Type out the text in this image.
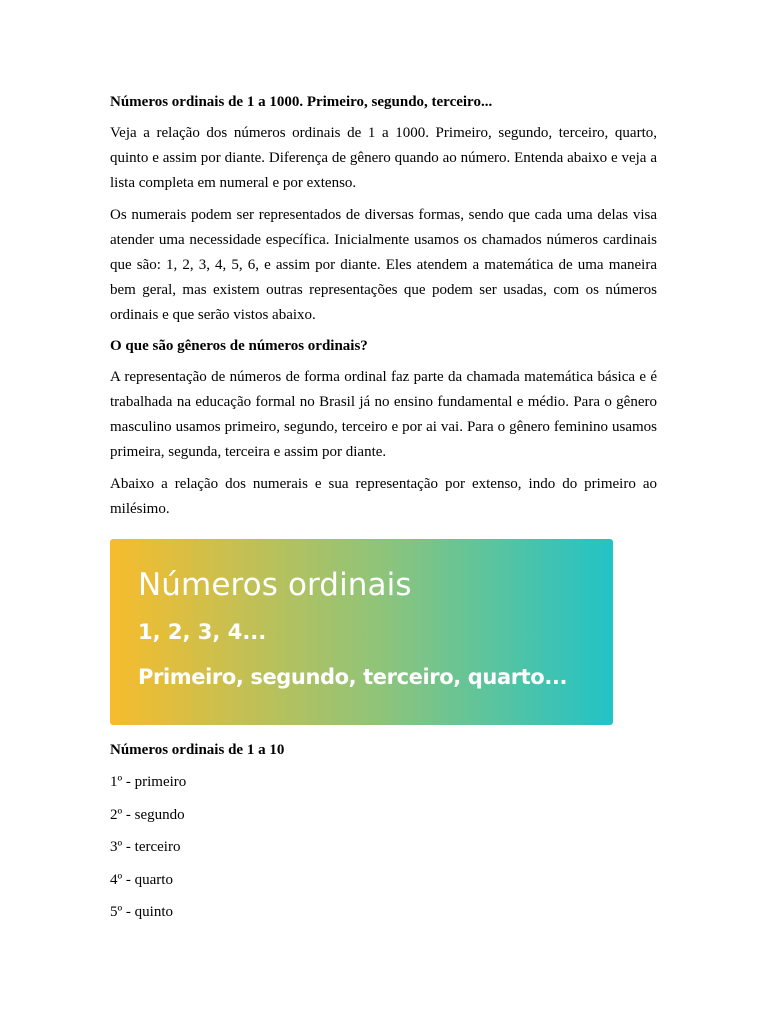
Números ordinais de 1 a 1000. Primeiro, segundo, terceiro...

Veja a relação dos números ordinais de 1 a 1000. Primeiro, segundo, terceiro, quarto, quinto e assim por diante. Diferença de gênero quando ao número. Entenda abaixo e veja a lista completa em numeral e por extenso.

Os numerais podem ser representados de diversas formas, sendo que cada uma delas visa atender uma necessidade específica. Inicialmente usamos os chamados números cardinais que são: 1, 2, 3, 4, 5, 6, e assim por diante. Eles atendem a matemática de uma maneira bem geral, mas existem outras representações que podem ser usadas, com os números ordinais e que serão vistos abaixo.

O que são gêneros de números ordinais?

A representação de números de forma ordinal faz parte da chamada matemática básica e é trabalhada na educação formal no Brasil já no ensino fundamental e médio. Para o gênero masculino usamos primeiro, segundo, terceiro e por ai vai. Para o gênero feminino usamos primeira, segunda, terceira e assim por diante.

Abaixo a relação dos numerais e sua representação por extenso, indo do primeiro ao milésimo.

Números ordinais
1, 2, 3, 4...
Primeiro, segundo, terceiro, quarto...

Números ordinais de 1 a 10

1º - primeiro

2º - segundo

3º - terceiro

4º - quarto

5º - quinto
